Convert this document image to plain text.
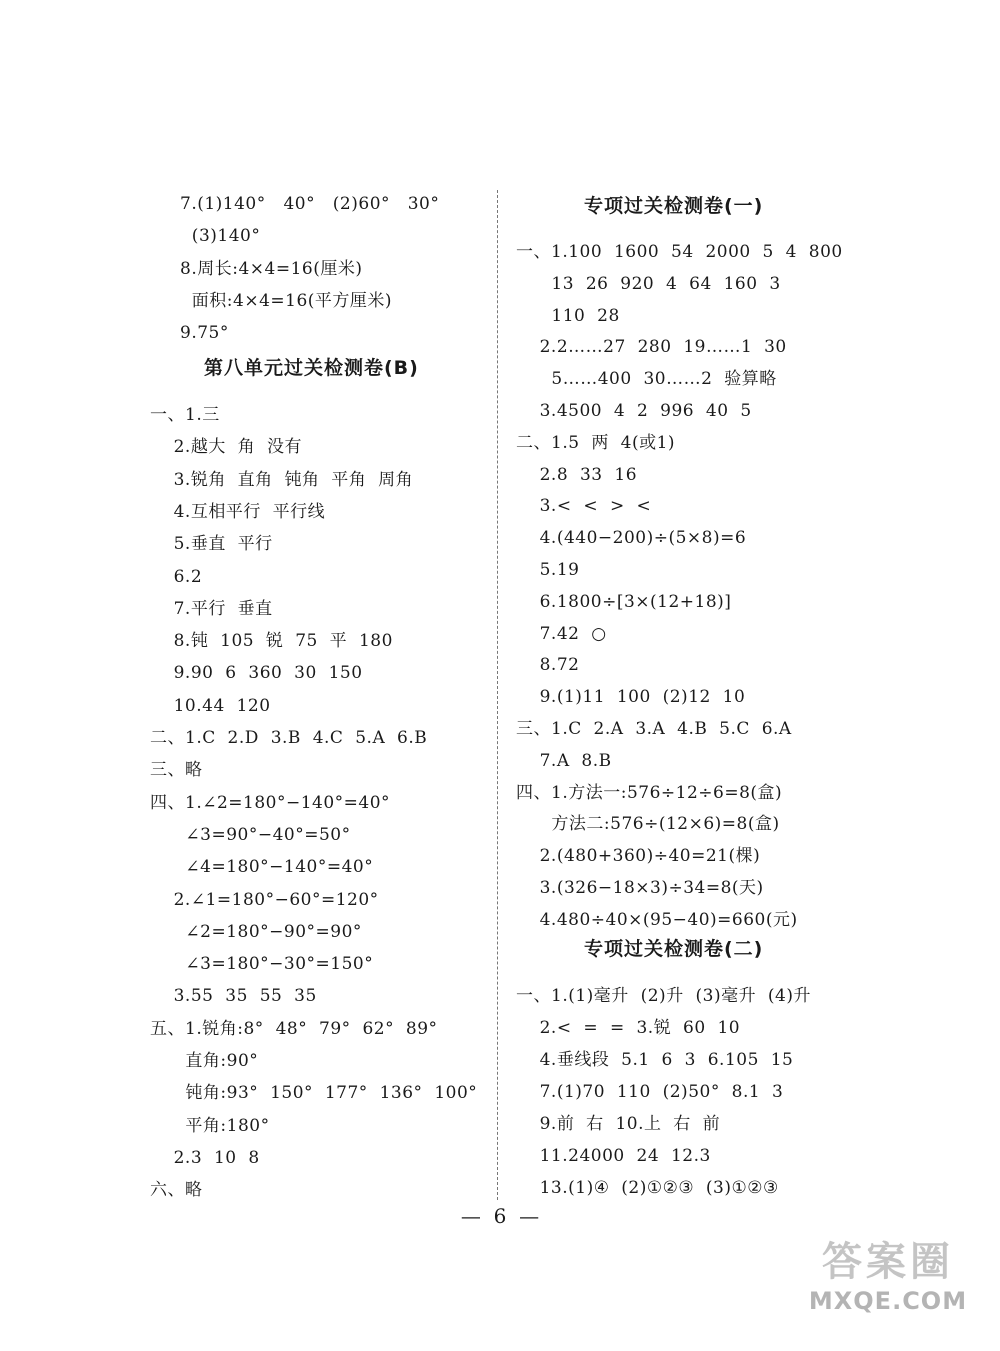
7.(1)140°   40°   (2)60°   30°
(3)140°
8.周长:4×4=16(厘米)
面积:4×4=16(平方厘米)
9.75°
第八单元过关检测卷(B)
一、1.三
2.越大  角  没有
3.锐角  直角  钝角  平角  周角
4.互相平行  平行线
5.垂直  平行
6.2
7.平行  垂直
8.钝  105  锐  75  平  180
9.90  6  360  30  150
10.44  120
二、1.C  2.D  3.B  4.C  5.A  6.B
三、略
四、1.∠2=180°−140°=40°
∠3=90°−40°=50°
∠4=180°−140°=40°
2.∠1=180°−60°=120°
∠2=180°−90°=90°
∠3=180°−30°=150°
3.55  35  55  35
五、1.锐角:8°  48°  79°  62°  89°
直角:90°
钝角:93°  150°  177°  136°  100°
平角:180°
2.3  10  8
六、略
专项过关检测卷(一)
一、1.100  1600  54  2000  5  4  800
13  26  920  4  64  160  3
110  28
2.2……27  280  19……1  30
5……400  30……2  验算略
3.4500  4  2  996  40  5
二、1.5  两  4(或1)
2.8  33  16
3.<  <  >  <
4.(440−200)÷(5×8)=6
5.19
6.1800÷[3×(12+18)]
7.42  ○
8.72
9.(1)11  100  (2)12  10
三、1.C  2.A  3.A  4.B  5.C  6.A
7.A  8.B
四、1.方法一:576÷12÷6=8(盒)
方法二:576÷(12×6)=8(盒)
2.(480+360)÷40=21(棵)
3.(326−18×3)÷34=8(天)
4.480÷40×(95−40)=660(元)
专项过关检测卷(二)
一、1.(1)毫升  (2)升  (3)毫升  (4)升
2.<  =  =  3.锐  60  10
4.垂线段  5.1  6  3  6.105  15
7.(1)70  110  (2)50°  8.1  3
9.前  右  10.上  右  前
11.24000  24  12.3
13.(1)④  (2)①②③  (3)①②③
—  6  —
答案圈
MXQE.COM
